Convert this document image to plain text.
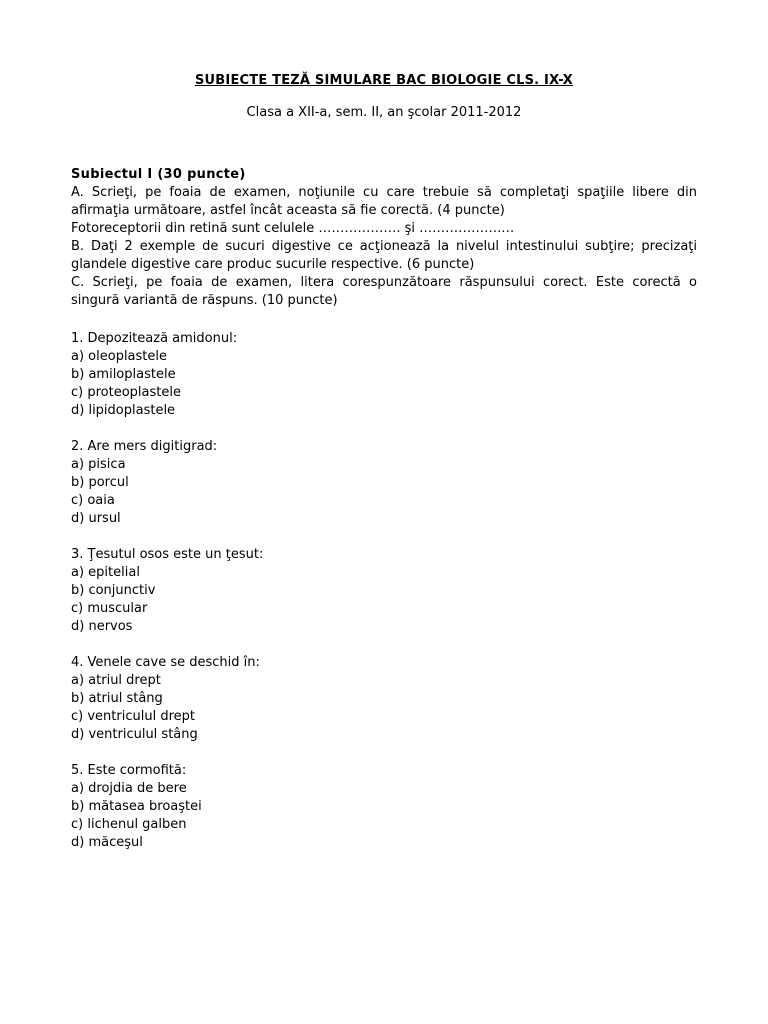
SUBIECTE TEZĂ SIMULARE BAC BIOLOGIE CLS. IX-X
Clasa a XII-a, sem. II, an şcolar 2011-2012
Subiectul I (30 puncte)

A. Scrieţi, pe foaia de examen, noţiunile cu care trebuie să completaţi spaţiile libere din afirmaţia următoare, astfel încât aceasta să fie corectă. (4 puncte)

Fotoreceptorii din retină sunt celulele ………………. şi ……………….…

B. Daţi 2 exemple de sucuri digestive ce acţionează la nivelul intestinului subţire; precizaţi glandele digestive care produc sucurile respective. (6 puncte)

C. Scrieţi, pe foaia de examen, litera corespunzătoare răspunsului corect. Este corectă o singură variantă de răspuns. (10 puncte)

1. Depozitează amidonul:
a) oleoplastele
b) amiloplastele
c) proteoplastele
d) lipidoplastele
2. Are mers digitigrad:
a) pisica
b) porcul
c) oaia
d) ursul
3. Ţesutul osos este un ţesut:
a) epitelial
b) conjunctiv
c) muscular
d) nervos
4. Venele cave se deschid în:
a) atriul drept
b) atriul stâng
c) ventriculul drept
d) ventriculul stâng
5. Este cormofită:
a) drojdia de bere
b) mătasea broaştei
c) lichenul galben
d) măceşul
